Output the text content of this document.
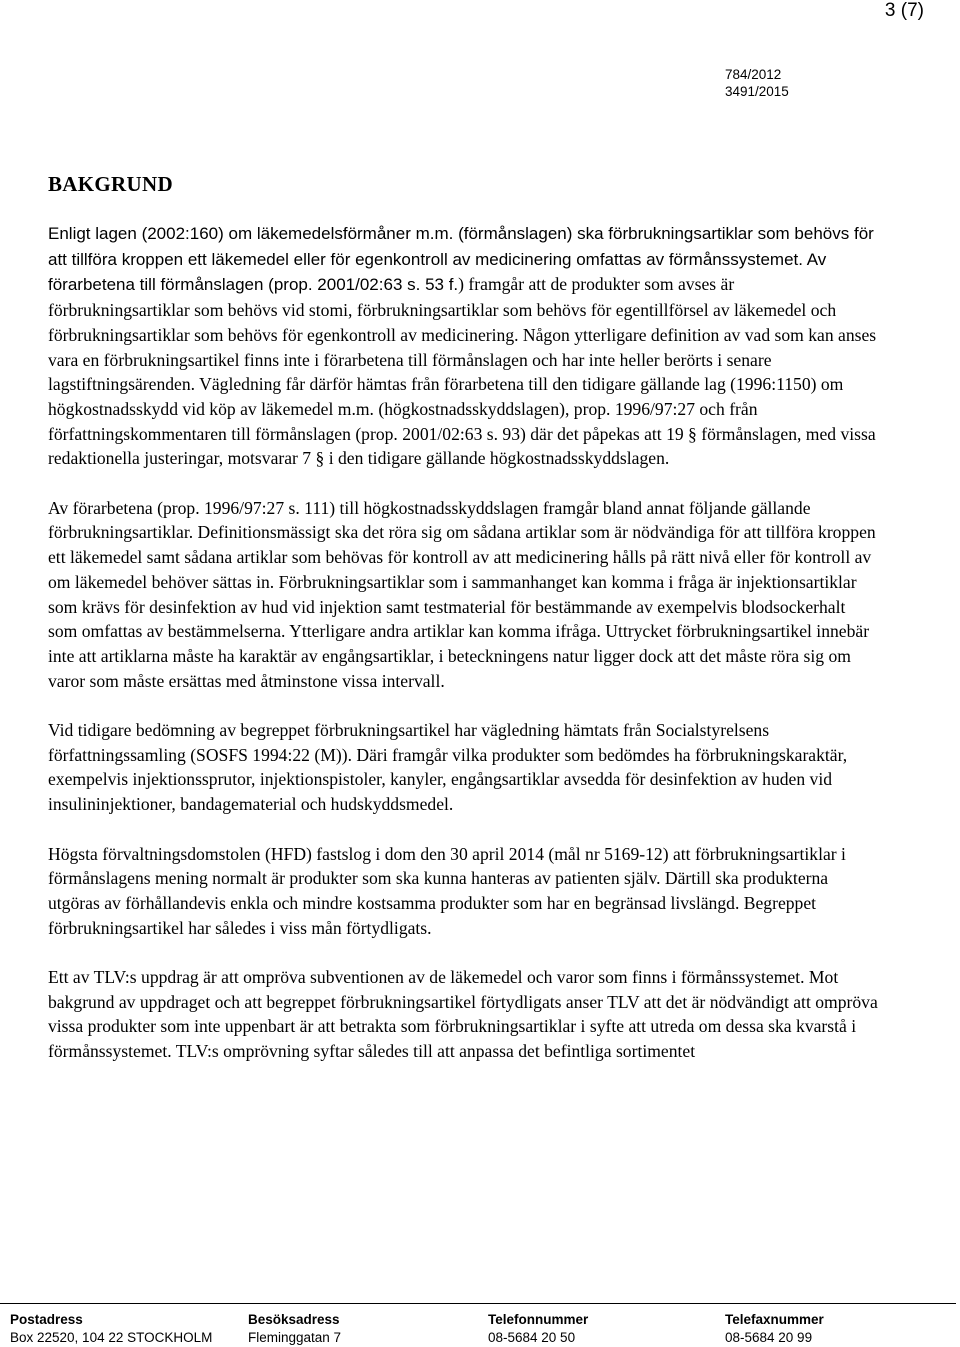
3 (7)
784/2012
3491/2015
BAKGRUND

Enligt lagen (2002:160) om läkemedelsförmåner m.m. (förmånslagen) ska förbrukningsartiklar som behövs för att tillföra kroppen ett läkemedel eller för egenkontroll av medicinering omfattas av förmånssystemet. Av förarbetena till förmånslagen (prop. 2001/02:63 s. 53 f.) framgår att de produkter som avses är förbrukningsartiklar som behövs vid stomi, förbrukningsartiklar som behövs för egentillförsel av läkemedel och förbrukningsartiklar som behövs för egenkontroll av medicinering. Någon ytterligare definition av vad som kan anses vara en förbrukningsartikel finns inte i förarbetena till förmånslagen och har inte heller berörts i senare lagstiftningsärenden. Vägledning får därför hämtas från förarbetena till den tidigare gällande lag (1996:1150) om högkostnadsskydd vid köp av läkemedel m.m. (högkostnadsskyddslagen), prop. 1996/97:27 och från författningskommentaren till förmånslagen (prop. 2001/02:63 s. 93) där det påpekas att 19 § förmånslagen, med vissa redaktionella justeringar, motsvarar 7 § i den tidigare gällande högkostnadsskyddslagen.

Av förarbetena (prop. 1996/97:27 s. 111) till högkostnadsskyddslagen framgår bland annat följande gällande förbrukningsartiklar. Definitionsmässigt ska det röra sig om sådana artiklar som är nödvändiga för att tillföra kroppen ett läkemedel samt sådana artiklar som behövas för kontroll av att medicinering hålls på rätt nivå eller för kontroll av om läkemedel behöver sättas in. Förbrukningsartiklar som i sammanhanget kan komma i fråga är injektionsartiklar som krävs för desinfektion av hud vid injektion samt testmaterial för bestämmande av exempelvis blodsockerhalt som omfattas av bestämmelserna. Ytterligare andra artiklar kan komma ifråga. Uttrycket förbrukningsartikel innebär inte att artiklarna måste ha karaktär av engångsartiklar, i beteckningens natur ligger dock att det måste röra sig om varor som måste ersättas med åtminstone vissa intervall.

Vid tidigare bedömning av begreppet förbrukningsartikel har vägledning hämtats från Socialstyrelsens författningssamling (SOSFS 1994:22 (M)). Däri framgår vilka produkter som bedömdes ha förbrukningskaraktär, exempelvis injektionssprutor, injektionspistoler, kanyler, engångsartiklar avsedda för desinfektion av huden vid insulininjektioner, bandagematerial och hudskyddsmedel.

Högsta förvaltningsdomstolen (HFD) fastslog i dom den 30 april 2014 (mål nr 5169-12) att förbrukningsartiklar i förmånslagens mening normalt är produkter som ska kunna hanteras av patienten själv. Därtill ska produkterna utgöras av förhållandevis enkla och mindre kostsamma produkter som har en begränsad livslängd. Begreppet förbrukningsartikel har således i viss mån förtydligats.

Ett av TLV:s uppdrag är att ompröva subventionen av de läkemedel och varor som finns i förmånssystemet. Mot bakgrund av uppdraget och att begreppet förbrukningsartikel förtydligats anser TLV att det är nödvändigt att ompröva vissa produkter som inte uppenbart är att betrakta som förbrukningsartiklar i syfte att utreda om dessa ska kvarstå i förmånssystemet. TLV:s omprövning syftar således till att anpassa det befintliga sortimentet

Postadress
Box 22520, 104 22 STOCKHOLM
Besöksadress
Fleminggatan 7
Telefonnummer
08-5684 20 50
Telefaxnummer
08-5684 20 99
